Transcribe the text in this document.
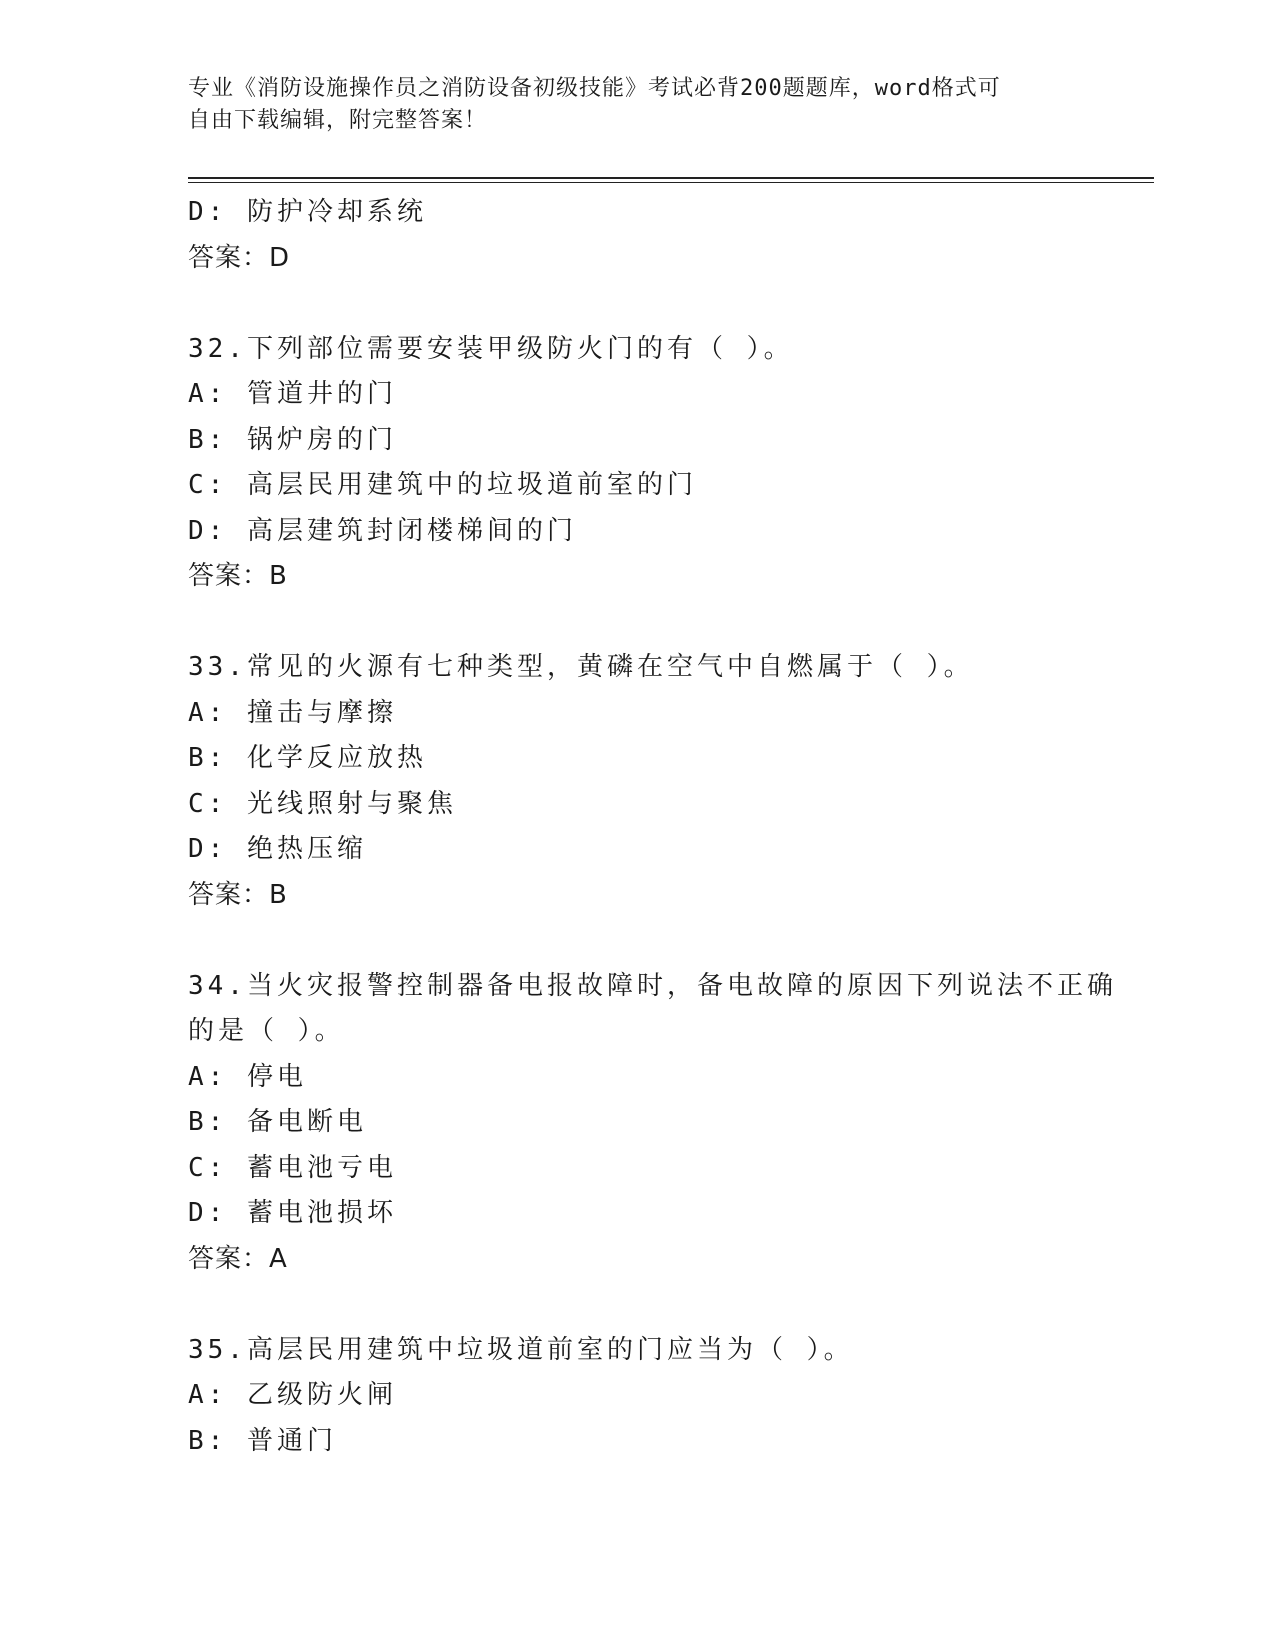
专业《消防设施操作员之消防设备初级技能》考试必背200题题库，word格式可
自由下载编辑，附完整答案！
D: 防护冷却系统
答案：D
32.下列部位需要安装甲级防火门的有（ ）。
A: 管道井的门
B: 锅炉房的门
C: 高层民用建筑中的垃圾道前室的门
D: 高层建筑封闭楼梯间的门
答案：B
33.常见的火源有七种类型，黄磷在空气中自燃属于（ ）。
A: 撞击与摩擦
B: 化学反应放热
C: 光线照射与聚焦
D: 绝热压缩
答案：B
34.当火灾报警控制器备电报故障时，备电故障的原因下列说法不正确
的是（ ）。
A: 停电
B: 备电断电
C: 蓄电池亏电
D: 蓄电池损坏
答案：A
35.高层民用建筑中垃圾道前室的门应当为（ ）。
A: 乙级防火闸
B: 普通门
